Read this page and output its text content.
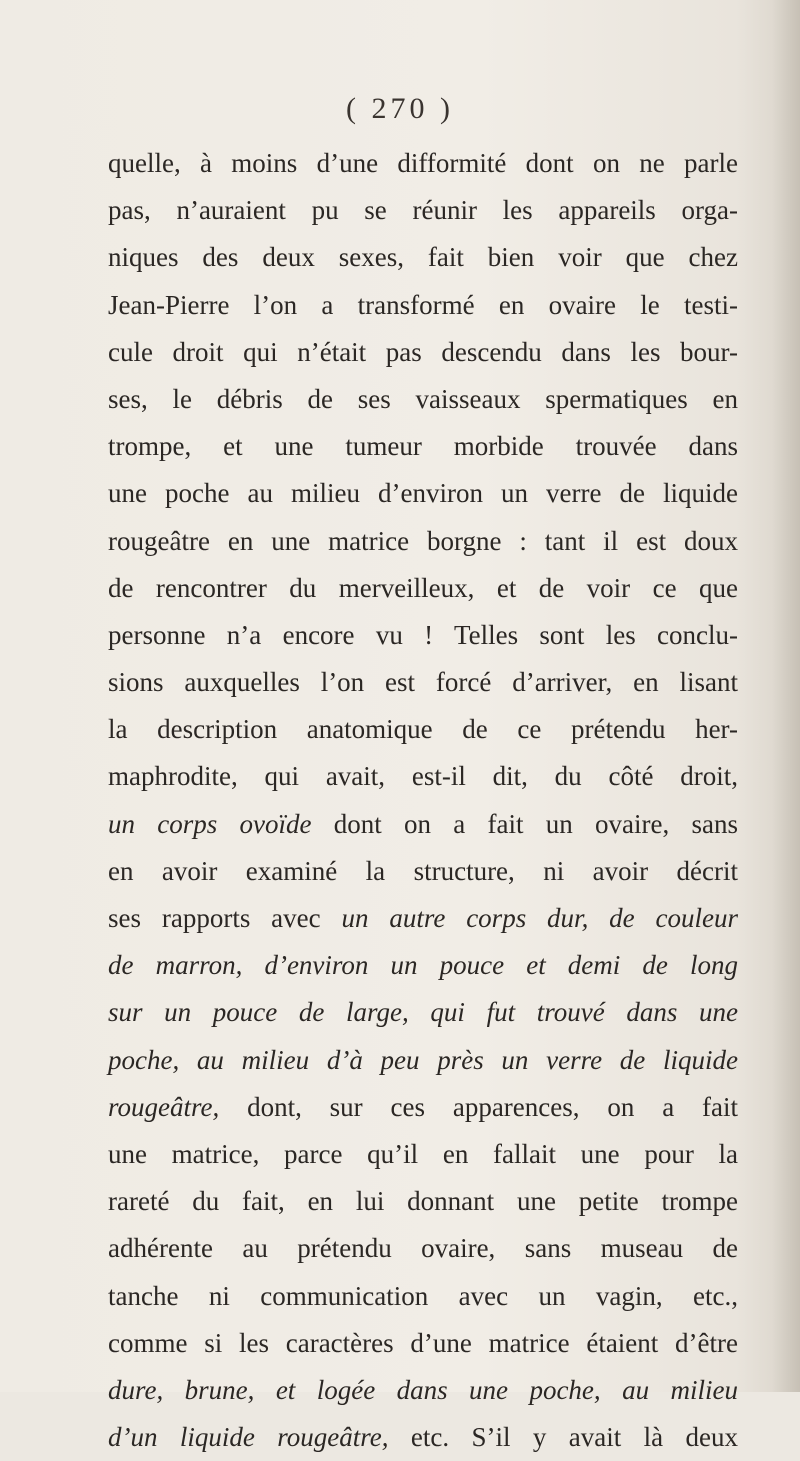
( 270 )
quelle, à moins d’une difformité dont on ne parle
pas, n’auraient pu se réunir les appareils orga-
niques des deux sexes, fait bien voir que chez
Jean-Pierre l’on a transformé en ovaire le testi-
cule droit qui n’était pas descendu dans les bour-
ses, le débris de ses vaisseaux spermatiques en
trompe, et une tumeur morbide trouvée dans
une poche au milieu d’environ un verre de liquide
rougeâtre en une matrice borgne : tant il est doux
de rencontrer du merveilleux, et de voir ce que
personne n’a encore vu ! Telles sont les conclu-
sions auxquelles l’on est forcé d’arriver, en lisant
la description anatomique de ce prétendu her-
maphrodite, qui avait, est-il dit, du côté droit,
un corps ovoïde dont on a fait un ovaire, sans
en avoir examiné la structure, ni avoir décrit
ses rapports avec un autre corps dur, de couleur
de marron, d’environ un pouce et demi de long
sur un pouce de large, qui fut trouvé dans une
poche, au milieu d’à peu près un verre de liquide
rougeâtre, dont, sur ces apparences, on a fait
une matrice, parce qu’il en fallait une pour la
rareté du fait, en lui donnant une petite trompe
adhérente au prétendu ovaire, sans museau de
tanche ni communication avec un vagin, etc.,
comme si les caractères d’une matrice étaient d’être
dure, brune, et logée dans une poche, au milieu
d’un liquide rougeâtre, etc. S’il y avait là deux
